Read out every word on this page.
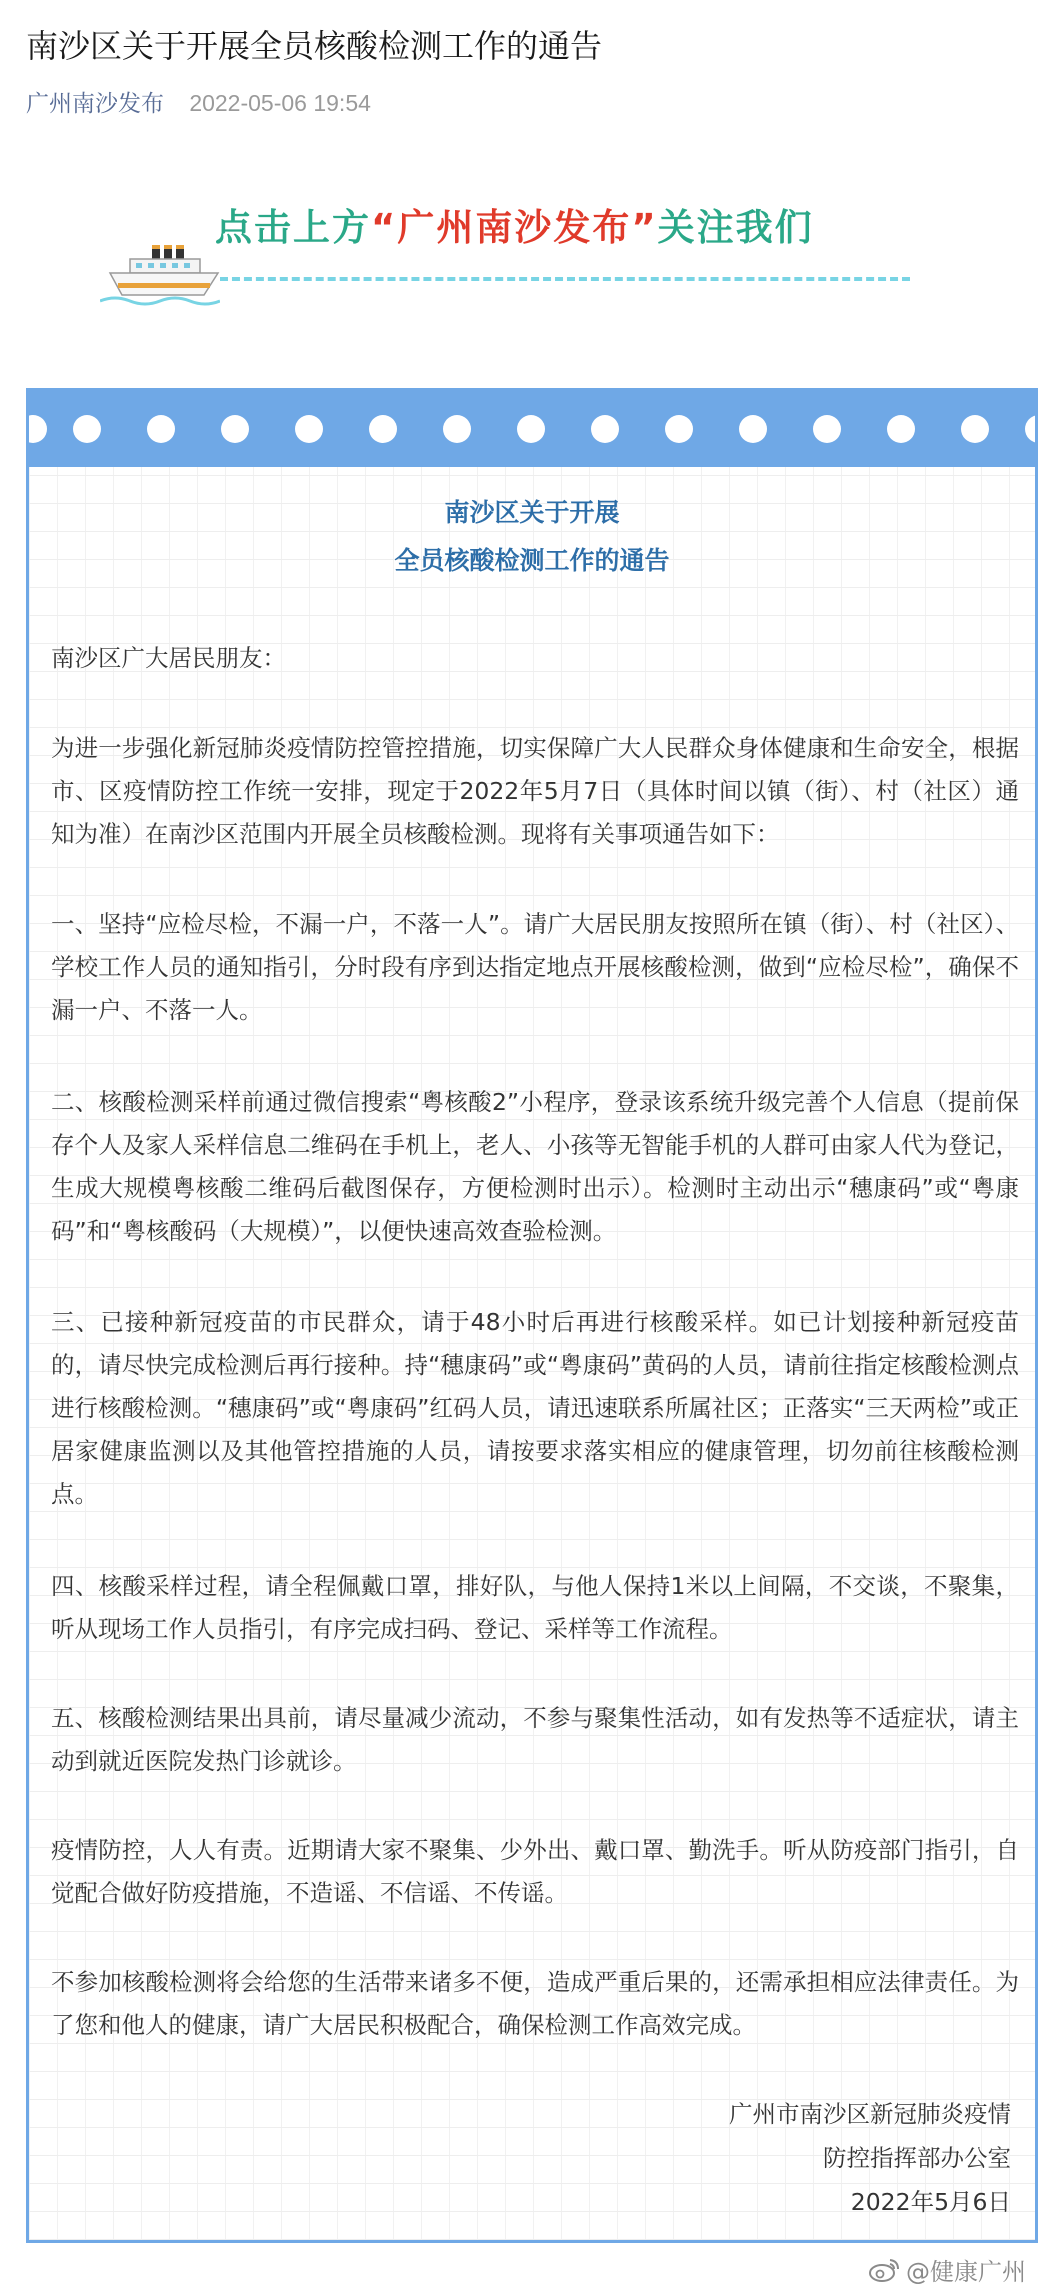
南沙区关于开展全员核酸检测工作的通告
广州南沙发布 2022-05-06 19:54
点击上方“广州南沙发布”关注我们
南沙区关于开展
全员核酸检测工作的通告

南沙区广大居民朋友：

为进一步强化新冠肺炎疫情防控管控措施，切实保障广大人民群众身体健康和生命安全，根据市、区疫情防控工作统一安排，现定于2022年5月7日（具体时间以镇（街）、村（社区）通知为准）在南沙区范围内开展全员核酸检测。现将有关事项通告如下：

一、坚持“应检尽检，不漏一户，不落一人”。请广大居民朋友按照所在镇（街）、村（社区）、学校工作人员的通知指引，分时段有序到达指定地点开展核酸检测，做到“应检尽检”，确保不漏一户、不落一人。

二、核酸检测采样前通过微信搜索“粤核酸2”小程序，登录该系统升级完善个人信息（提前保存个人及家人采样信息二维码在手机上，老人、小孩等无智能手机的人群可由家人代为登记，生成大规模粤核酸二维码后截图保存，方便检测时出示）。检测时主动出示“穗康码”或“粤康码”和“粤核酸码（大规模）”，以便快速高效查验检测。

三、已接种新冠疫苗的市民群众，请于48小时后再进行核酸采样。如已计划接种新冠疫苗的，请尽快完成检测后再行接种。持“穗康码”或“粤康码”黄码的人员，请前往指定核酸检测点进行核酸检测。“穗康码”或“粤康码”红码人员，请迅速联系所属社区；正落实“三天两检”或正居家健康监测以及其他管控措施的人员，请按要求落实相应的健康管理，切勿前往核酸检测点。

四、核酸采样过程，请全程佩戴口罩，排好队，与他人保持1米以上间隔，不交谈，不聚集，听从现场工作人员指引，有序完成扫码、登记、采样等工作流程。

五、核酸检测结果出具前，请尽量减少流动，不参与聚集性活动，如有发热等不适症状，请主动到就近医院发热门诊就诊。

疫情防控，人人有责。近期请大家不聚集、少外出、戴口罩、勤洗手。听从防疫部门指引，自觉配合做好防疫措施，不造谣、不信谣、不传谣。

不参加核酸检测将会给您的生活带来诸多不便，造成严重后果的，还需承担相应法律责任。为了您和他人的健康，请广大居民积极配合，确保检测工作高效完成。

广州市南沙区新冠肺炎疫情
防控指挥部办公室
2022年5月6日
@健康广州
